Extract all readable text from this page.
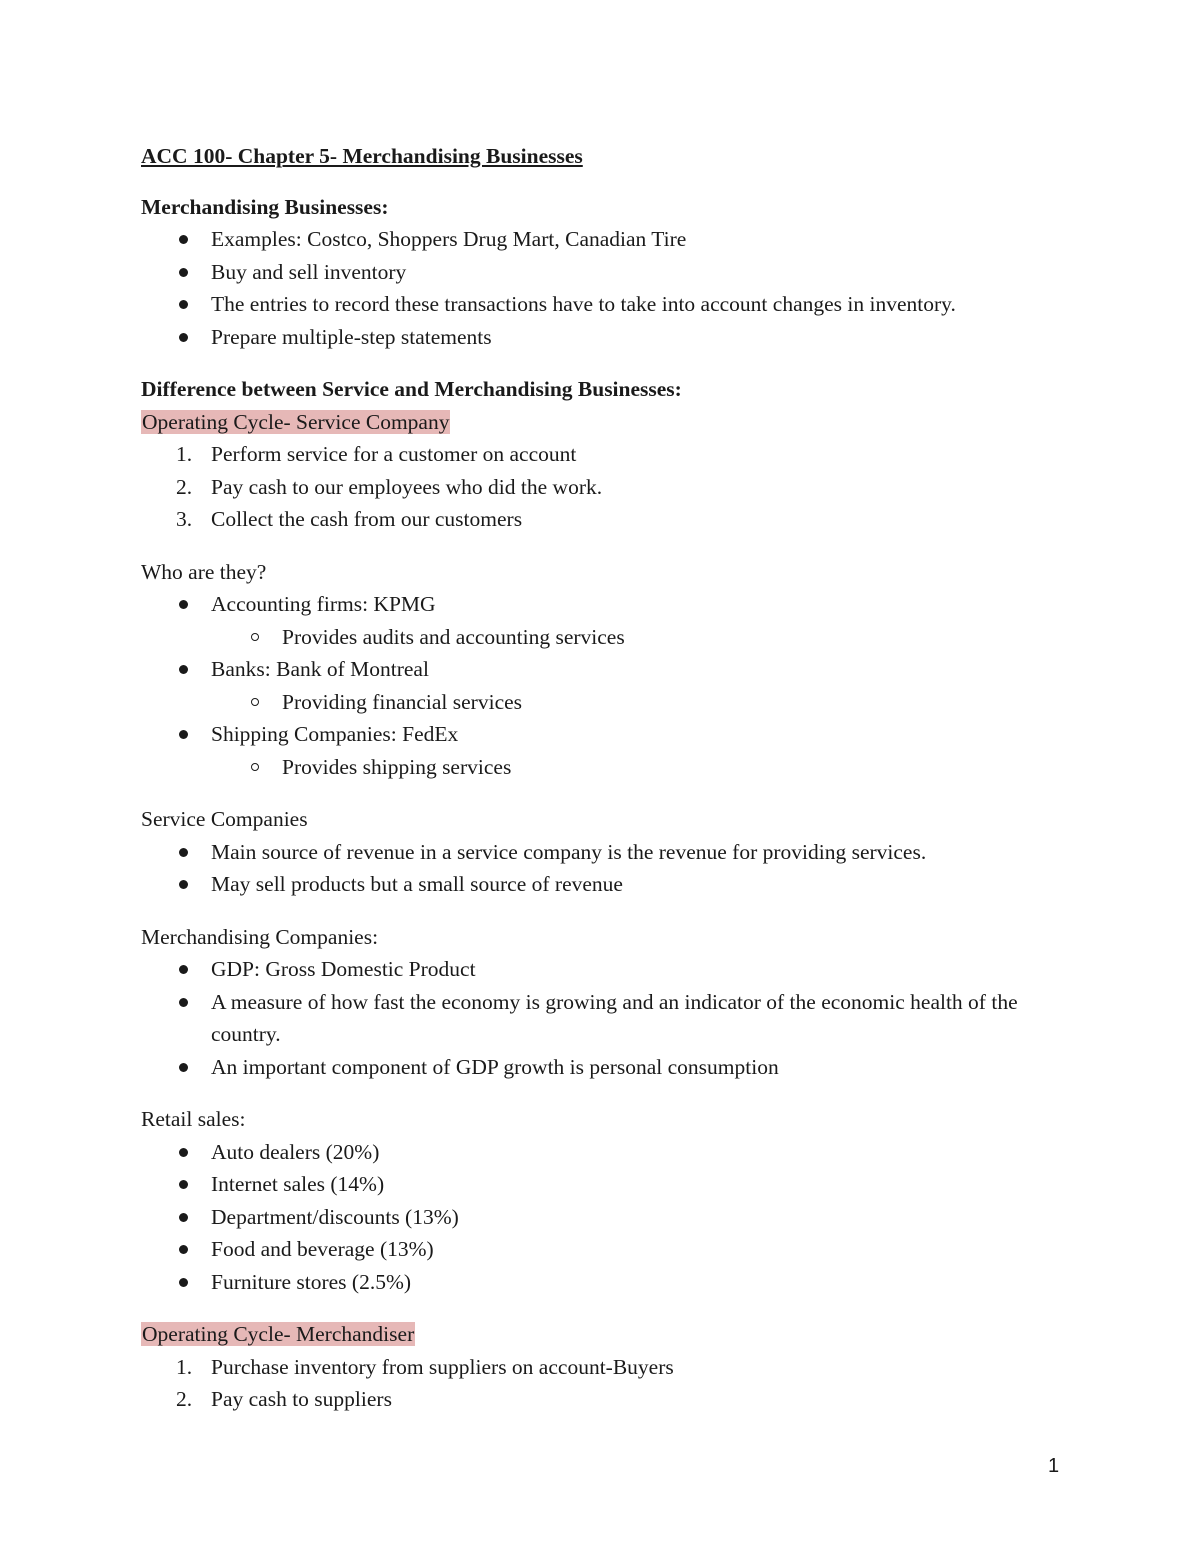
ACC 100- Chapter 5- Merchandising Businesses

Merchandising Businesses:

Examples: Costco, Shoppers Drug Mart, Canadian Tire
Buy and sell inventory
The entries to record these transactions have to take into account changes in inventory.
Prepare multiple-step statements

Difference between Service and Merchandising Businesses:

Operating Cycle- Service Company

1. Perform service for a customer on account
2. Pay cash to our employees who did the work.
3. Collect the cash from our customers

Who are they?

Accounting firms: KPMG
Provides audits and accounting services
Banks: Bank of Montreal
Providing financial services
Shipping Companies: FedEx
Provides shipping services

Service Companies

Main source of revenue in a service company is the revenue for providing services.
May sell products but a small source of revenue

Merchandising Companies:

GDP: Gross Domestic Product
A measure of how fast the economy is growing and an indicator of the economic health of the country.
An important component of GDP growth is personal consumption

Retail sales:

Auto dealers (20%)
Internet sales (14%)
Department/discounts (13%)
Food and beverage (13%)
Furniture stores (2.5%)

Operating Cycle- Merchandiser

1. Purchase inventory from suppliers on account-Buyers
2. Pay cash to suppliers
1
